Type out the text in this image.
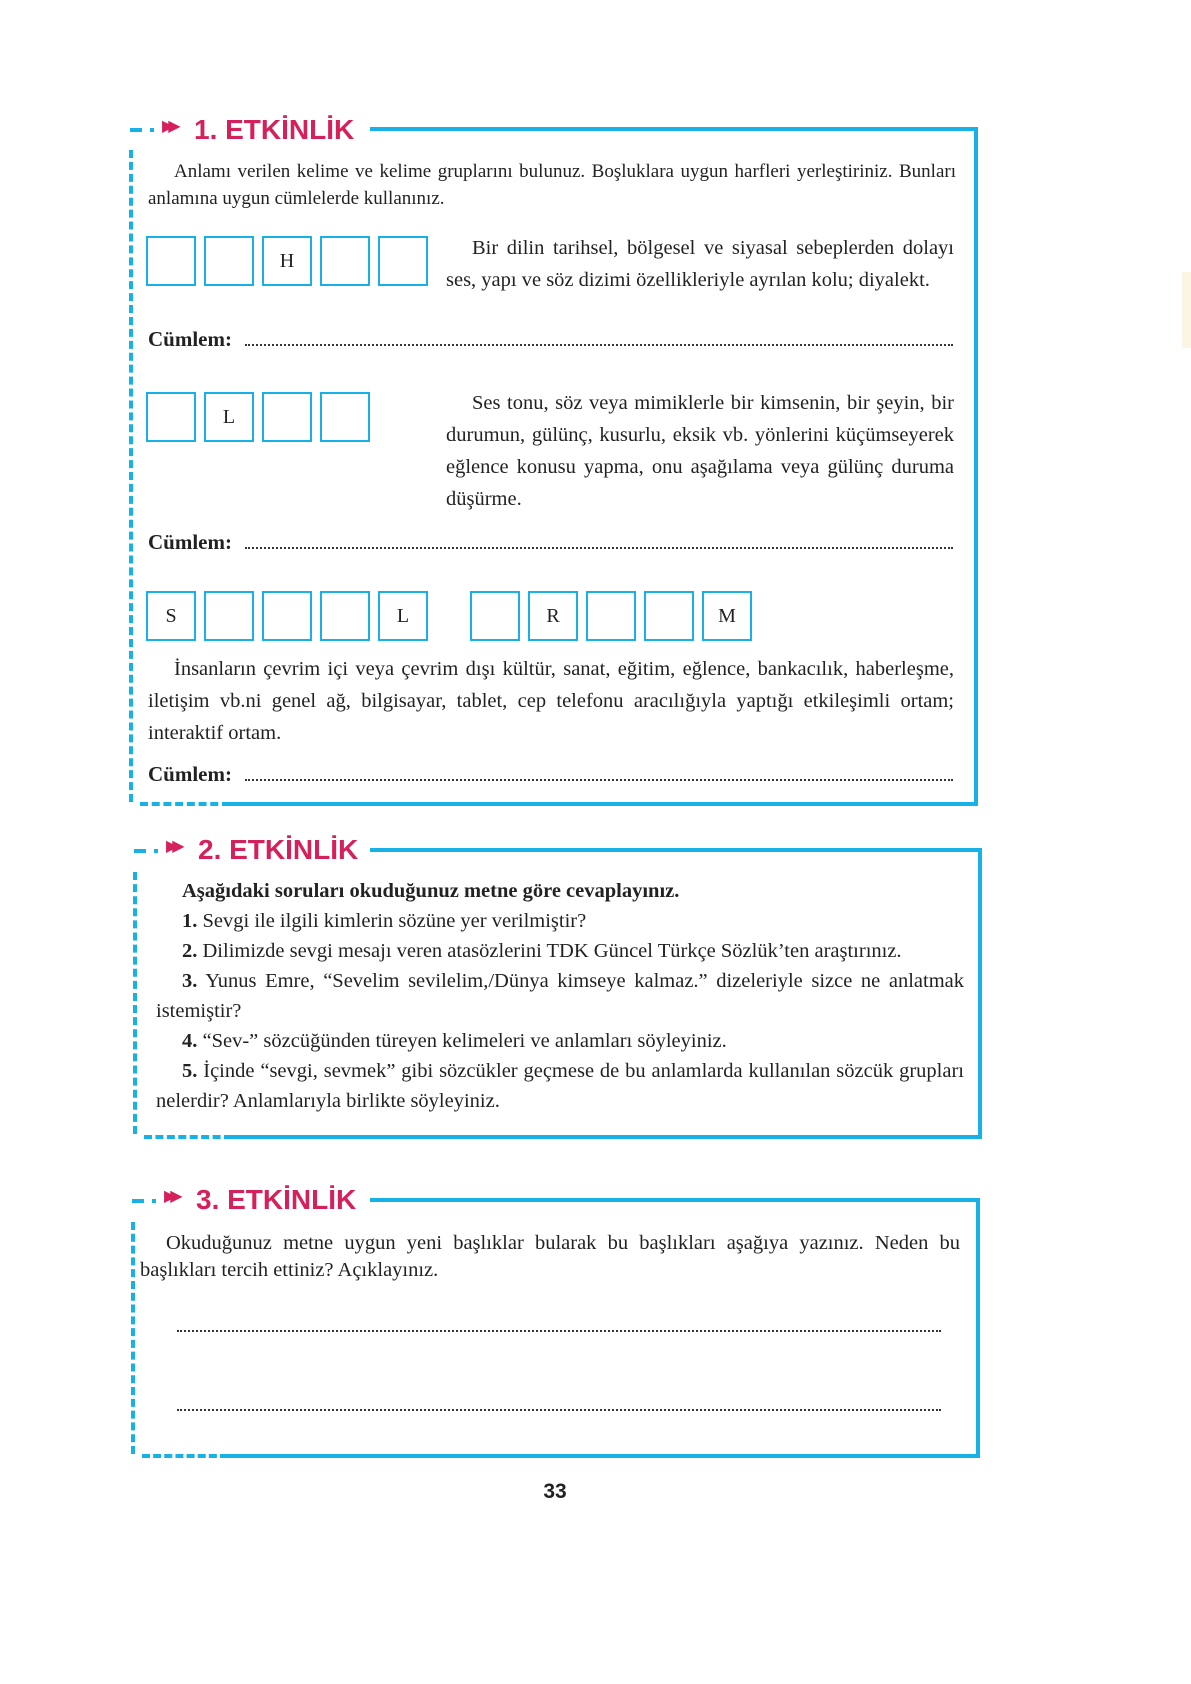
▶▶ 1. ETKİNLİK
Anlamı verilen kelime ve kelime gruplarını bulunuz. Boşluklara uygun harfleri yerleştiriniz. Bunları anlamına uygun cümlelerde kullanınız.
H
Bir dilin tarihsel, bölgesel ve siyasal sebeplerden dolayı ses, yapı ve söz dizimi özellikleriyle ayrılan kolu; diyalekt.
Cümlem:
L
Ses tonu, söz veya mimiklerle bir kimsenin, bir şeyin, bir durumun, gülünç, kusurlu, eksik vb. yönlerini küçümseyerek eğlence konusu yapma, onu aşağılama veya gülünç duruma düşürme.
Cümlem:
S	L	R	M
İnsanların çevrim içi veya çevrim dışı kültür, sanat, eğitim, eğlence, bankacılık, haberleşme, iletişim vb.ni genel ağ, bilgisayar, tablet, cep telefonu aracılığıyla yaptığı etkileşimli ortam; interaktif ortam.
Cümlem:
▶▶ 2. ETKİNLİK
Aşağıdaki soruları okuduğunuz metne göre cevaplayınız.
1. Sevgi ile ilgili kimlerin sözüne yer verilmiştir?
2. Dilimizde sevgi mesajı veren atasözlerini TDK Güncel Türkçe Sözlük’ten araştırınız.
3. Yunus Emre, “Sevelim sevilelim,/Dünya kimseye kalmaz.” dizeleriyle sizce ne anlatmak istemiştir?
4. “Sev-” sözcüğünden türeyen kelimeleri ve anlamları söyleyiniz.
5. İçinde “sevgi, sevmek” gibi sözcükler geçmese de bu anlamlarda kullanılan sözcük grupları nelerdir? Anlamlarıyla birlikte söyleyiniz.
▶▶ 3. ETKİNLİK
Okuduğunuz metne uygun yeni başlıklar bularak bu başlıkları aşağıya yazınız. Neden bu başlıkları tercih ettiniz? Açıklayınız.
33
